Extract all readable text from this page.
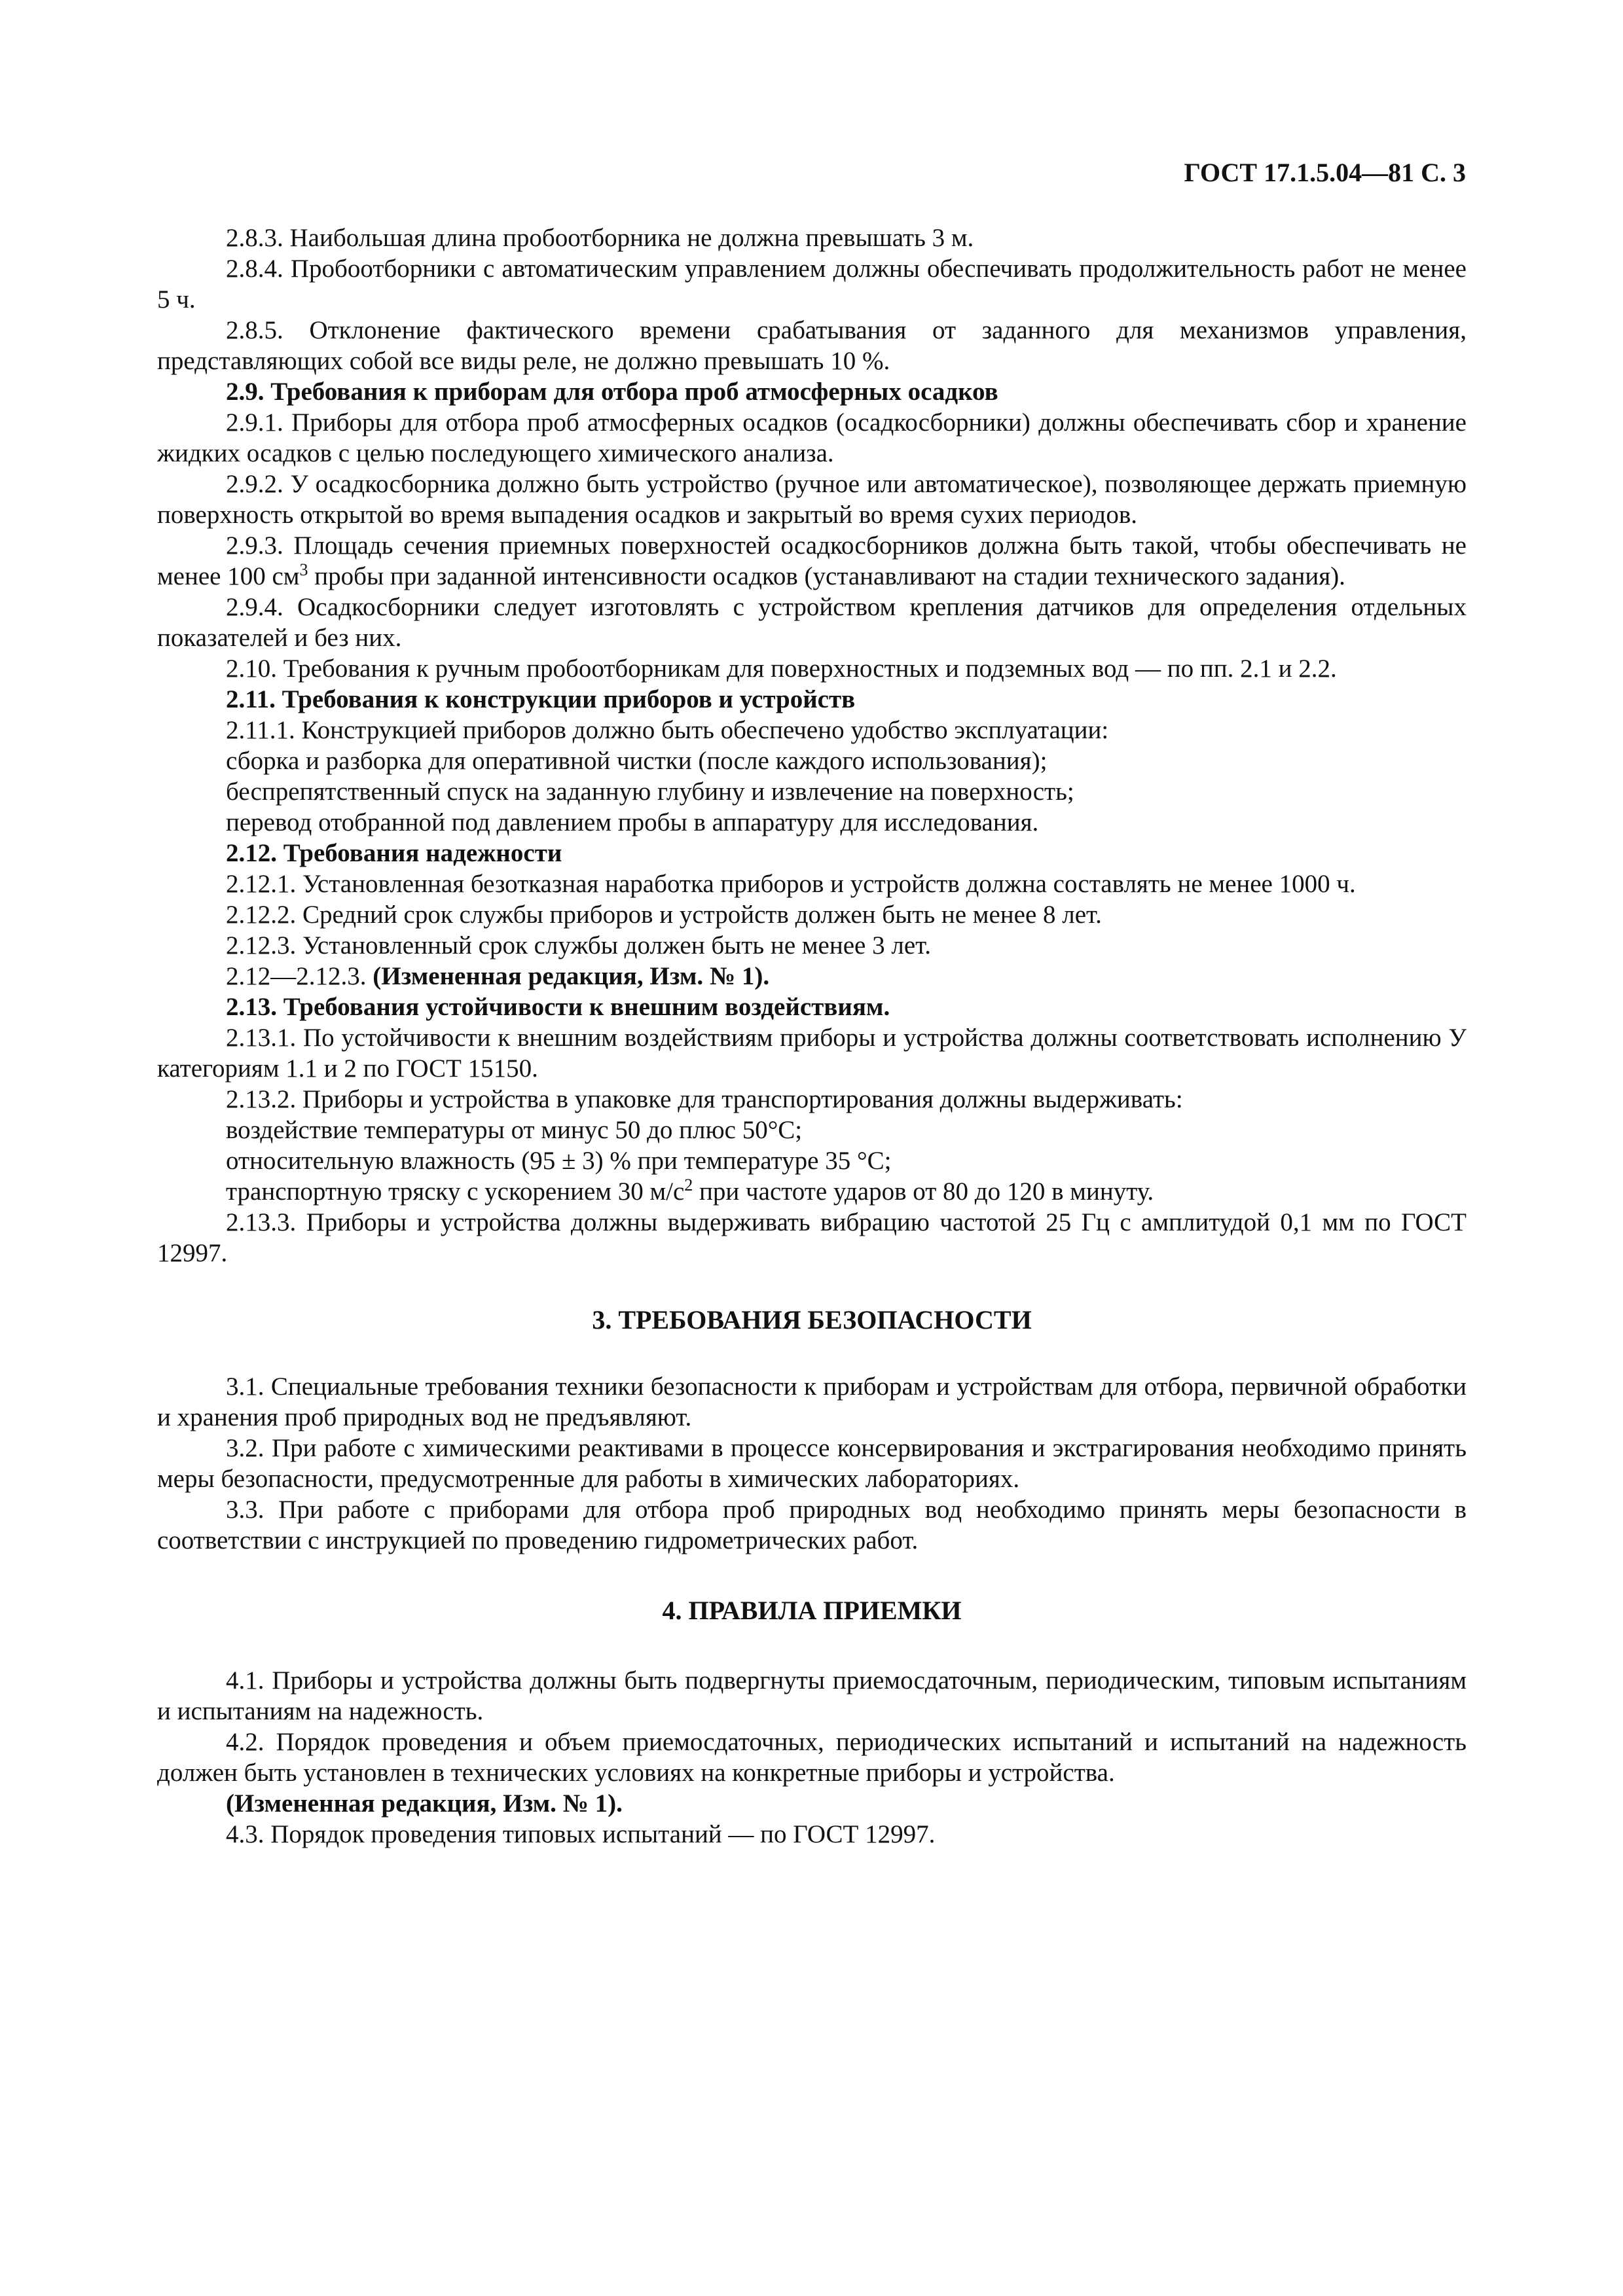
ГОСТ 17.1.5.04—81 С. 3

2.8.3. Наибольшая длина пробоотборника не должна превышать 3 м.

2.8.4. Пробоотборники с автоматическим управлением должны обеспечивать продолжительность работ не менее 5 ч.

2.8.5. Отклонение фактического времени срабатывания от заданного для механизмов управления, представляющих собой все виды реле, не должно превышать 10 %.

2.9. Требования к приборам для отбора проб атмосферных осадков

2.9.1. Приборы для отбора проб атмосферных осадков (осадкосборники) должны обеспечивать сбор и хранение жидких осадков с целью последующего химического анализа.

2.9.2. У осадкосборника должно быть устройство (ручное или автоматическое), позволяющее держать приемную поверхность открытой во время выпадения осадков и закрытый во время сухих периодов.

2.9.3. Площадь сечения приемных поверхностей осадкосборников должна быть такой, чтобы обеспечивать не менее 100 $см^3$ пробы при заданной интенсивности осадков (устанавливают на стадии технического задания).

2.9.4. Осадкосборники следует изготовлять с устройством крепления датчиков для определения отдельных показателей и без них.

2.10. Требования к ручным пробоотборникам для поверхностных и подземных вод — по пп. 2.1 и 2.2.

2.11. Требования к конструкции приборов и устройств

2.11.1. Конструкцией приборов должно быть обеспечено удобство эксплуатации:

сборка и разборка для оперативной чистки (после каждого использования);

беспрепятственный спуск на заданную глубину и извлечение на поверхность;

перевод отобранной под давлением пробы в аппаратуру для исследования.

2.12. Требования надежности

2.12.1. Установленная безотказная наработка приборов и устройств должна составлять не менее 1000 ч.

2.12.2. Средний срок службы приборов и устройств должен быть не менее 8 лет.

2.12.3. Установленный срок службы должен быть не менее 3 лет.

2.12—2.12.3. (Измененная редакция, Изм. № 1).

2.13. Требования устойчивости к внешним воздействиям.

2.13.1. По устойчивости к внешним воздействиям приборы и устройства должны соответствовать исполнению У категориям 1.1 и 2 по ГОСТ 15150.

2.13.2. Приборы и устройства в упаковке для транспортирования должны выдерживать:

воздействие температуры от минус 50 до плюс 50°С;

относительную влажность (95 ± 3) % при температуре 35 °С;

транспортную тряску с ускорением 30 $м/с^2$ при частоте ударов от 80 до 120 в минуту.

2.13.3. Приборы и устройства должны выдерживать вибрацию частотой 25 Гц с амплитудой 0,1 мм по ГОСТ 12997.

3. ТРЕБОВАНИЯ БЕЗОПАСНОСТИ

3.1. Специальные требования техники безопасности к приборам и устройствам для отбора, первичной обработки и хранения проб природных вод не предъявляют.

3.2. При работе с химическими реактивами в процессе консервирования и экстрагирования необходимо принять меры безопасности, предусмотренные для работы в химических лабораториях.

3.3. При работе с приборами для отбора проб природных вод необходимо принять меры безопасности в соответствии с инструкцией по проведению гидрометрических работ.

4. ПРАВИЛА ПРИЕМКИ

4.1. Приборы и устройства должны быть подвергнуты приемосдаточным, периодическим, типовым испытаниям и испытаниям на надежность.

4.2. Порядок проведения и объем приемосдаточных, периодических испытаний и испытаний на надежность должен быть установлен в технических условиях на конкретные приборы и устройства.

(Измененная редакция, Изм. № 1).

4.3. Порядок проведения типовых испытаний — по ГОСТ 12997.
